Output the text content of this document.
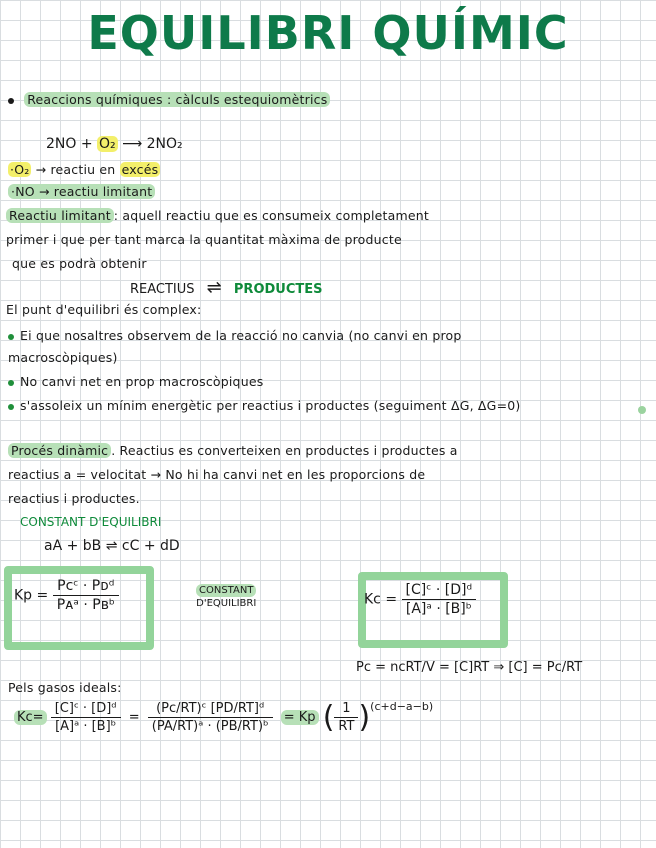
EQUILIBRI QUÍMIC
Reaccions químiques : càlculs estequiomètrics
2NO + O₂ ⟶ 2NO₂
·O₂ → reactiu en excés
·NO → reactiu limitant
Reactiu limitant : aquell reactiu que es consumeix completament
primer i que per tant marca la quantitat màxima de producte
que es podrà obtenir
REACTIUS ⇌ PRODUCTES
El punt d'equilibri és complex:
Ei que nosaltres observem de la reacció no canvia (no canvi en prop
macroscòpiques)
No canvi net en prop macroscòpiques
s'assoleix un mínim energètic per reactius i productes (seguiment ΔG, ΔG=0)
Procés dinàmic . Reactius es converteixen en productes i productes a
reactius a = velocitat → No hi ha canvi net en les proporcions de
reactius i productes.
CONSTANT D'EQUILIBRI
aA + bB ⇌ cC + dD
$Kp = \frac{\text{Pᴄᶜ · Pᴅᵈ}}{\text{Pᴀᵃ · Pʙᵇ}}$	CONSTANT
D'EQUILIBRI	$Kc = \frac{\text{[C]ᶜ · [D]ᵈ}}{\text{[A]ᵃ · [B]ᵇ}}$
Pc = nᴄRT/V = [C]RT ⇒ [C] = Pc/RT
Pels gasos ideals:
$Kc= \frac{\text{[C]ᶜ · [D]ᵈ}}{\text{[A]ᵃ · [B]ᵇ}} = \frac{\text{(Pc/RT)ᶜ [PD/RT]ᵈ}}{\text{(PA/RT)ᵃ · (PB/RT)ᵇ}} = Kp$ ( $\frac{1}{RT} )^{(c+d-a-b)}$
